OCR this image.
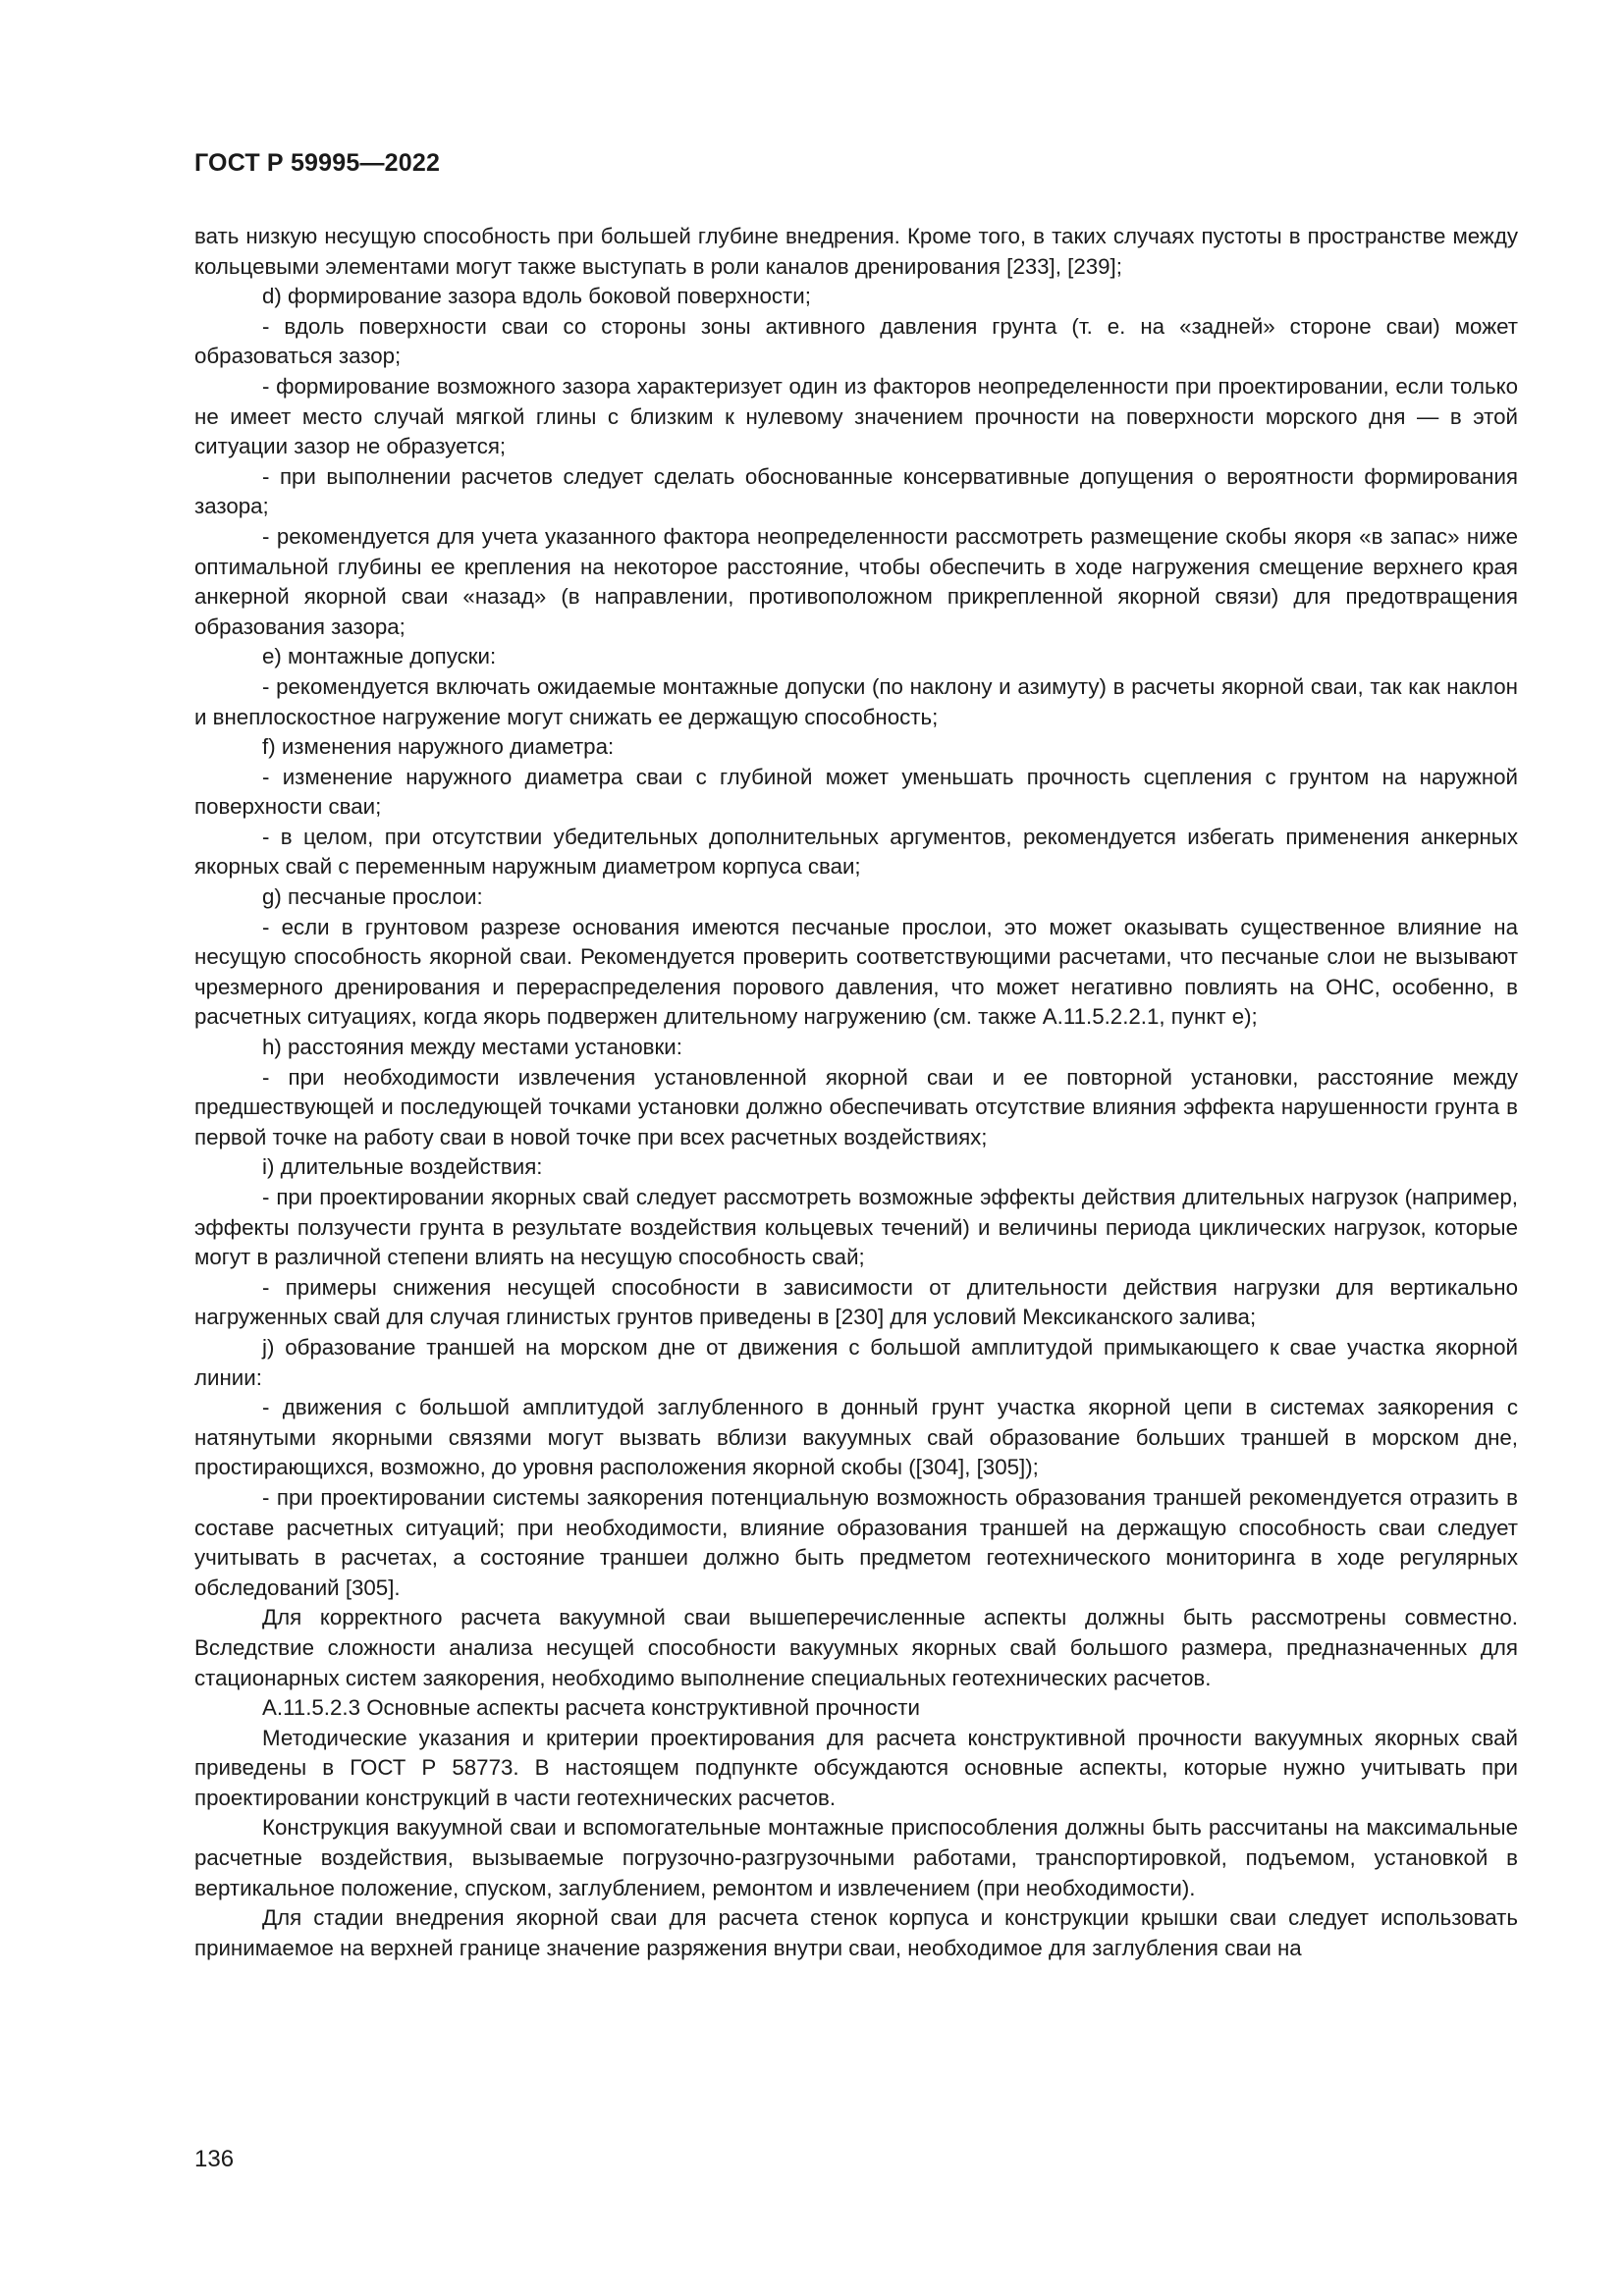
ГОСТ Р 59995—2022

вать низкую несущую способность при большей глубине внедрения. Кроме того, в таких случаях пустоты в пространстве между кольцевыми элементами могут также выступать в роли каналов дренирования [233], [239];

d) формирование зазора вдоль боковой поверхности;

- вдоль поверхности сваи со стороны зоны активного давления грунта (т. е. на «задней» стороне сваи) может образоваться зазор;

- формирование возможного зазора характеризует один из факторов неопределенности при проектировании, если только не имеет место случай мягкой глины с близким к нулевому значением прочности на поверхности морского дня — в этой ситуации зазор не образуется;

- при выполнении расчетов следует сделать обоснованные консервативные допущения о вероятности формирования зазора;

- рекомендуется для учета указанного фактора неопределенности рассмотреть размещение скобы якоря «в запас» ниже оптимальной глубины ее крепления на некоторое расстояние, чтобы обеспечить в ходе нагружения смещение верхнего края анкерной якорной сваи «назад» (в направлении, противоположном прикрепленной якорной связи) для предотвращения образования зазора;

e) монтажные допуски:

- рекомендуется включать ожидаемые монтажные допуски (по наклону и азимуту) в расчеты якорной сваи, так как наклон и внеплоскостное нагружение могут снижать ее держащую способность;

f) изменения наружного диаметра:

- изменение наружного диаметра сваи с глубиной может уменьшать прочность сцепления с грунтом на наружной поверхности сваи;

- в целом, при отсутствии убедительных дополнительных аргументов, рекомендуется избегать применения анкерных якорных свай с переменным наружным диаметром корпуса сваи;

g) песчаные прослои:

- если в грунтовом разрезе основания имеются песчаные прослои, это может оказывать существенное влияние на несущую способность якорной сваи. Рекомендуется проверить соответствующими расчетами, что песчаные слои не вызывают чрезмерного дренирования и перераспределения порового давления, что может негативно повлиять на ОНС, особенно, в расчетных ситуациях, когда якорь подвержен длительному нагружению (см. также А.11.5.2.2.1, пункт е);

h) расстояния между местами установки:

- при необходимости извлечения установленной якорной сваи и ее повторной установки, расстояние между предшествующей и последующей точками установки должно обеспечивать отсутствие влияния эффекта нарушенности грунта в первой точке на работу сваи в новой точке при всех расчетных воздействиях;

i) длительные воздействия:

- при проектировании якорных свай следует рассмотреть возможные эффекты действия длительных нагрузок (например, эффекты ползучести грунта в результате воздействия кольцевых течений) и величины периода циклических нагрузок, которые могут в различной степени влиять на несущую способность свай;

- примеры снижения несущей способности в зависимости от длительности действия нагрузки для вертикально нагруженных свай для случая глинистых грунтов приведены в [230] для условий Мексиканского залива;

j) образование траншей на морском дне от движения с большой амплитудой примыкающего к свае участка якорной линии:

- движения с большой амплитудой заглубленного в донный грунт участка якорной цепи в системах заякорения с натянутыми якорными связями могут вызвать вблизи вакуумных свай образование больших траншей в морском дне, простирающихся, возможно, до уровня расположения якорной скобы ([304], [305]);

- при проектировании системы заякорения потенциальную возможность образования траншей рекомендуется отразить в составе расчетных ситуаций; при необходимости, влияние образования траншей на держащую способность сваи следует учитывать в расчетах, а состояние траншеи должно быть предметом геотехнического мониторинга в ходе регулярных обследований [305].

Для корректного расчета вакуумной сваи вышеперечисленные аспекты должны быть рассмотрены совместно. Вследствие сложности анализа несущей способности вакуумных якорных свай большого размера, предназначенных для стационарных систем заякорения, необходимо выполнение специальных геотехнических расчетов.

А.11.5.2.3 Основные аспекты расчета конструктивной прочности

Методические указания и критерии проектирования для расчета конструктивной прочности вакуумных якорных свай приведены в ГОСТ Р 58773. В настоящем подпункте обсуждаются основные аспекты, которые нужно учитывать при проектировании конструкций в части геотехнических расчетов.

Конструкция вакуумной сваи и вспомогательные монтажные приспособления должны быть рассчитаны на максимальные расчетные воздействия, вызываемые погрузочно-разгрузочными работами, транспортировкой, подъемом, установкой в вертикальное положение, спуском, заглублением, ремонтом и извлечением (при необходимости).

Для стадии внедрения якорной сваи для расчета стенок корпуса и конструкции крышки сваи следует использовать принимаемое на верхней границе значение разряжения внутри сваи, необходимое для заглубления сваи на

136
